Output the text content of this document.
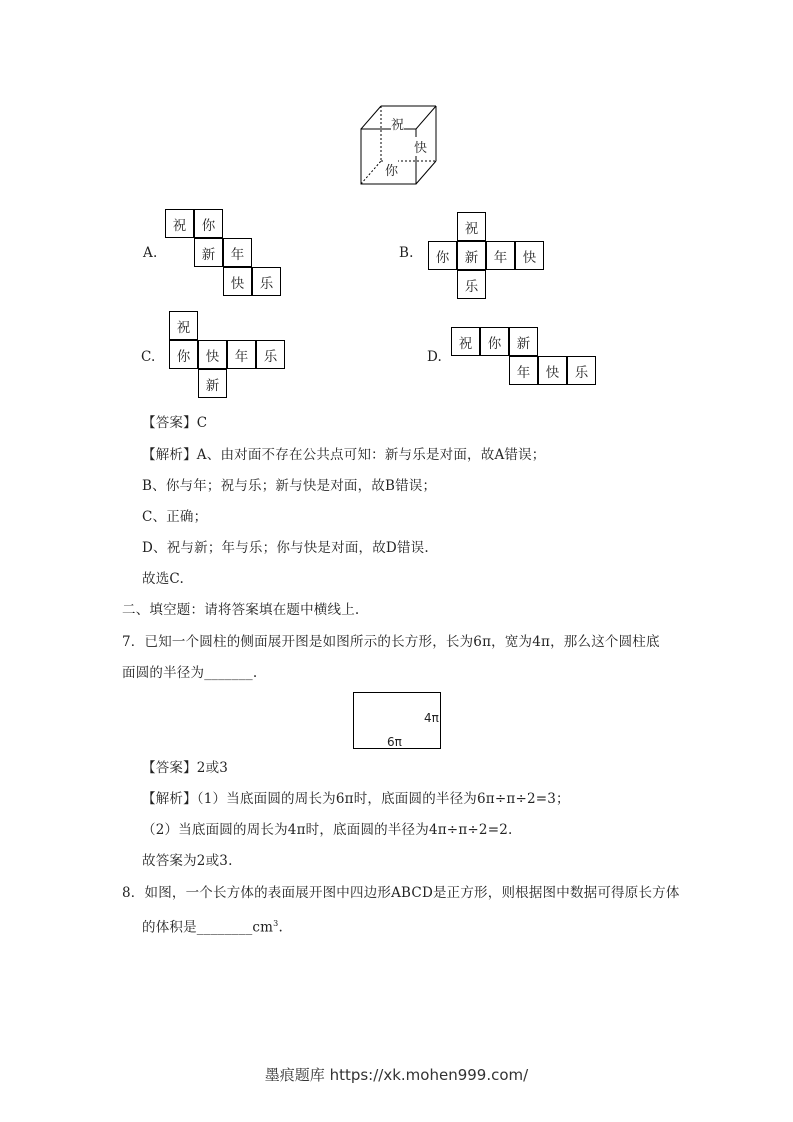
祝
快
你
A.
祝	你
新	年
快	乐
B.
祝
你	新	年	快
乐
C.
祝
你	快	年	乐
新
D.
祝	你	新
年	快	乐
【答案】C
【解析】A、由对面不存在公共点可知：新与乐是对面，故A错误；
B、你与年；祝与乐；新与快是对面，故B错误；
C、正确；
D、祝与新；年与乐；你与快是对面，故D错误.
故选C.
二、填空题：请将答案填在题中横线上.
7．已知一个圆柱的侧面展开图是如图所示的长方形，长为6π，宽为4π，那么这个圆柱底
面圆的半径为_______.
4π
6π
【答案】2或3
【解析】（1）当底面圆的周长为6π时，底面圆的半径为6π÷π÷2=3；
（2）当底面圆的周长为4π时，底面圆的半径为4π÷π÷2=2.
故答案为2或3.
8．如图，一个长方体的表面展开图中四边形ABCD是正方形，则根据图中数据可得原长方体
的体积是$\_\_\_\_\_\_\_\_cm^3$.
墨痕题库 https://xk.mohen999.com/
